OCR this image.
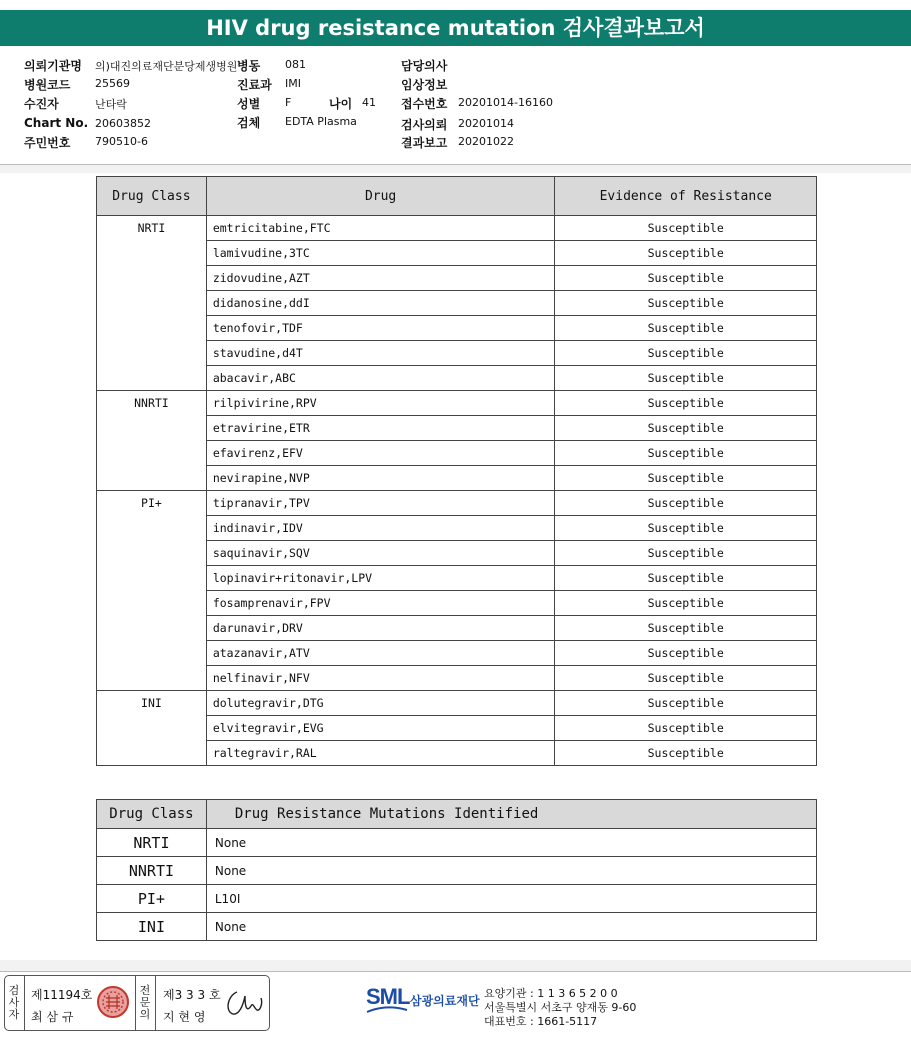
HIV drug resistance mutation 검사결과보고서
의뢰기관명 의)대진의료재단분당제생병원
병원코드 25569
수진자	난타락
Chart No. 20603852
주민번호 790510-6
병동 081
진료과 IMI
성별 F	나이 41
검체 EDTA Plasma
담당의사
임상정보
접수번호 20201014-16160
검사의뢰 20201014
결과보고 20201022
Drug Class	Drug	Evidence of Resistance
NRTI	emtricitabine,FTC	Susceptible
	lamivudine,3TC	Susceptible
	zidovudine,AZT	Susceptible
	didanosine,ddI	Susceptible
	tenofovir,TDF	Susceptible
	stavudine,d4T	Susceptible
	abacavir,ABC	Susceptible
NNRTI	rilpivirine,RPV	Susceptible
	etravirine,ETR	Susceptible
	efavirenz,EFV	Susceptible
	nevirapine,NVP	Susceptible
PI+	tipranavir,TPV	Susceptible
	indinavir,IDV	Susceptible
	saquinavir,SQV	Susceptible
	lopinavir+ritonavir,LPV	Susceptible
	fosamprenavir,FPV	Susceptible
	darunavir,DRV	Susceptible
	atazanavir,ATV	Susceptible
	nelfinavir,NFV	Susceptible
INI	dolutegravir,DTG	Susceptible
	elvitegravir,EVG	Susceptible
	raltegravir,RAL	Susceptible
Drug Class	Drug Resistance Mutations Identified
NRTI	None
NNRTI	None
PI+	L10I
INI	None
검사자
제11194호
최 삼 규
전문의
제3 3 3 호
지 현 영
SML 삼광의료재단
요양기관 : 1 1 3 6 5 2 0 0
서울특별시 서초구 양재동 9-60
대표번호 : 1661-5117
